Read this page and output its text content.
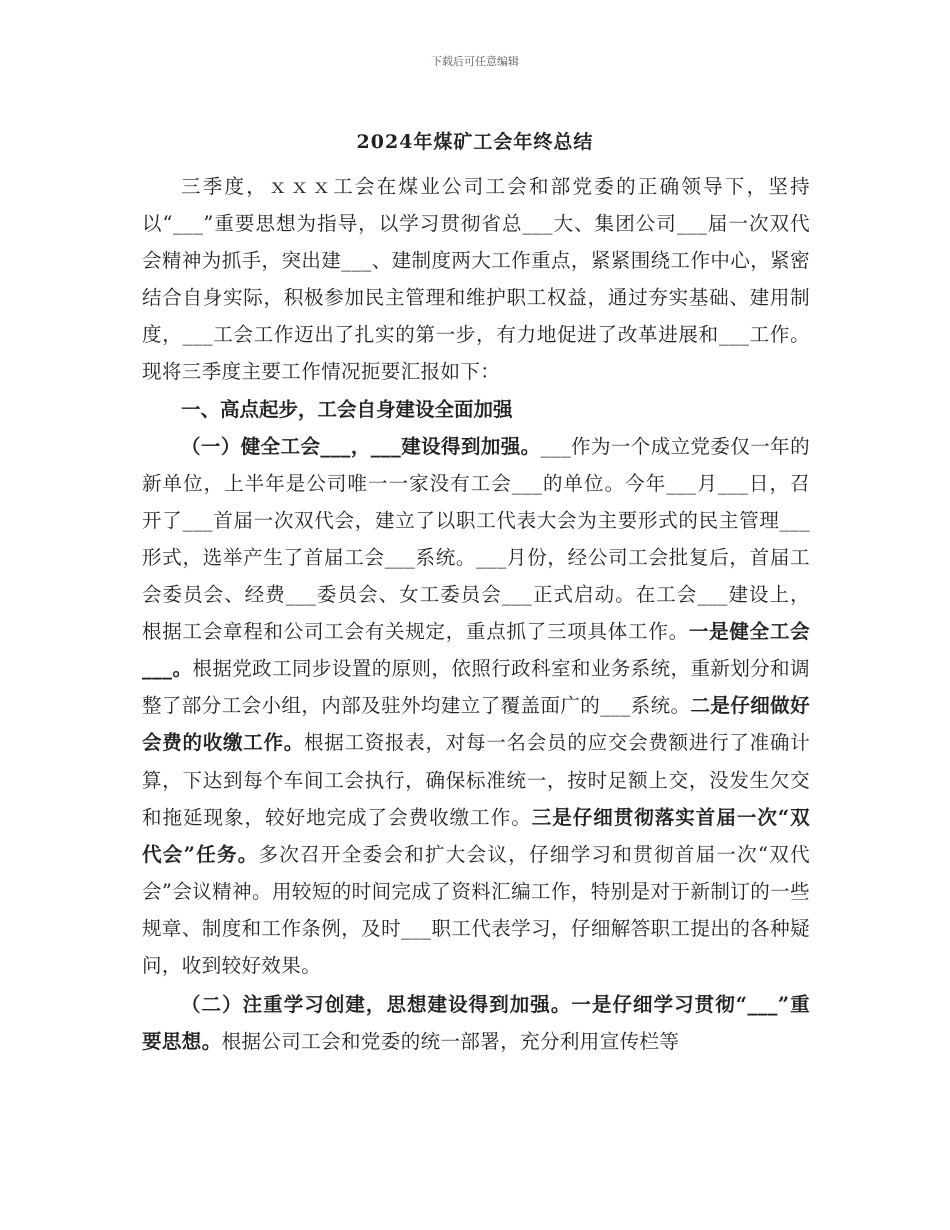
下载后可任意编辑
2024年煤矿工会年终总结

三季度，ｘｘｘ工会在煤业公司工会和部党委的正确领导下，坚持以“___”重要思想为指导，以学习贯彻省总___大、集团公司___届一次双代会精神为抓手，突出建___、建制度两大工作重点，紧紧围绕工作中心，紧密结合自身实际，积极参加民主管理和维护职工权益，通过夯实基础、建用制度，___工会工作迈出了扎实的第一步，有力地促进了改革进展和___工作。现将三季度主要工作情况扼要汇报如下：

一、高点起步，工会自身建设全面加强

（一）健全工会___，___建设得到加强。___作为一个成立党委仅一年的新单位，上半年是公司唯一一家没有工会___的单位。今年___月___日，召开了___首届一次双代会，建立了以职工代表大会为主要形式的民主管理___形式，选举产生了首届工会___系统。___月份，经公司工会批复后，首届工会委员会、经费___委员会、女工委员会___正式启动。在工会___建设上，根据工会章程和公司工会有关规定，重点抓了三项具体工作。一是健全工会___。根据党政工同步设置的原则，依照行政科室和业务系统，重新划分和调整了部分工会小组，内部及驻外均建立了覆盖面广的___系统。二是仔细做好会费的收缴工作。根据工资报表，对每一名会员的应交会费额进行了准确计算，下达到每个车间工会执行，确保标准统一，按时足额上交，没发生欠交和拖延现象，较好地完成了会费收缴工作。三是仔细贯彻落实首届一次“双代会”任务。多次召开全委会和扩大会议，仔细学习和贯彻首届一次“双代会”会议精神。用较短的时间完成了资料汇编工作，特别是对于新制订的一些规章、制度和工作条例，及时___职工代表学习，仔细解答职工提出的各种疑问，收到较好效果。

（二）注重学习创建，思想建设得到加强。一是仔细学习贯彻“___”重要思想。根据公司工会和党委的统一部署，充分利用宣传栏等
